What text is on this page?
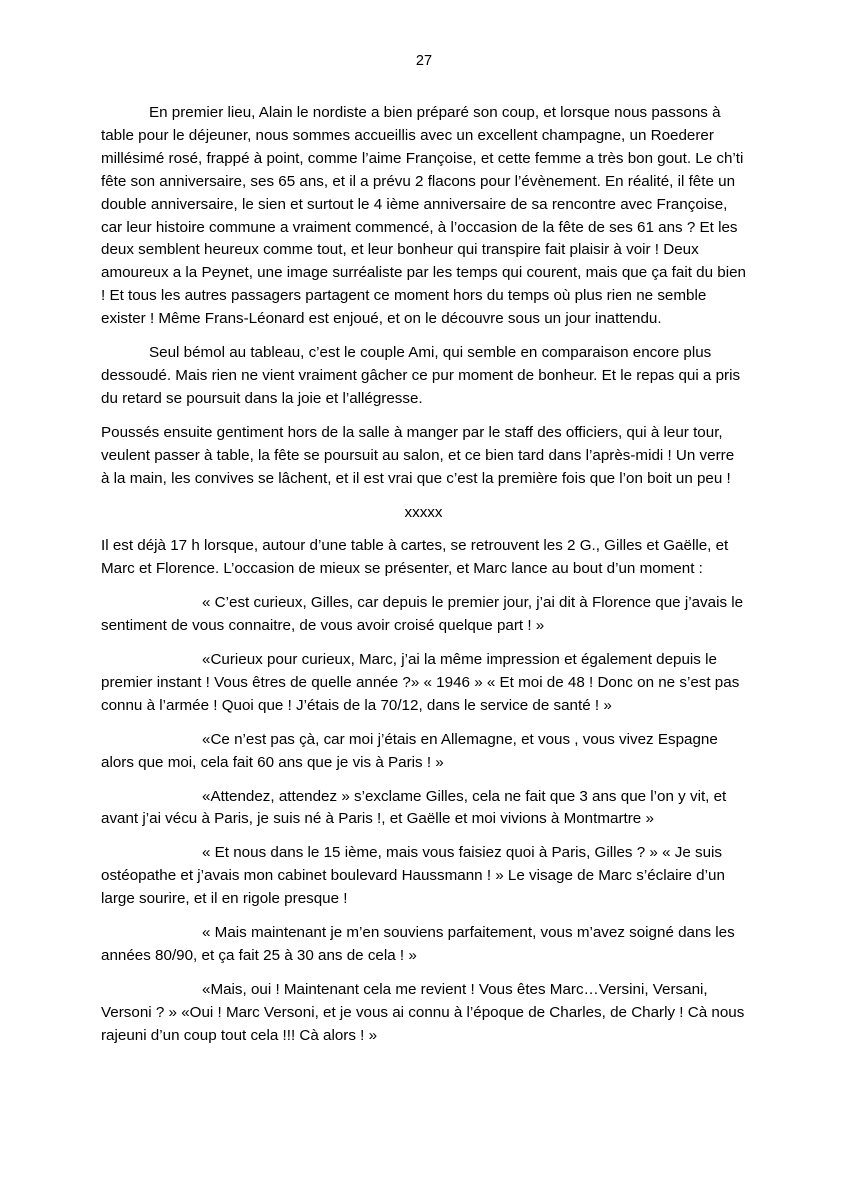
27

En premier lieu, Alain le nordiste a bien préparé son coup, et lorsque nous passons à table pour le déjeuner, nous sommes accueillis avec un excellent champagne, un Roederer millésimé rosé, frappé à point, comme l’aime Françoise, et cette femme a très bon gout. Le ch’ti fête son anniversaire, ses 65 ans, et il a prévu 2 flacons pour l’évènement. En réalité, il fête un double anniversaire, le sien et surtout le 4 ième anniversaire de sa rencontre avec Françoise, car leur histoire commune a vraiment commencé, à l’occasion de la fête de ses 61 ans ? Et les deux semblent heureux comme tout, et leur bonheur qui transpire fait plaisir à voir ! Deux amoureux a la Peynet, une image surréaliste par les temps qui courent, mais que ça fait du bien ! Et tous les autres passagers partagent ce moment hors du temps où plus rien ne semble exister ! Même Frans-Léonard est enjoué, et on le découvre sous un jour inattendu.

Seul bémol au tableau, c’est le couple Ami, qui semble en comparaison encore plus dessoudé. Mais rien ne vient vraiment gâcher ce pur moment de bonheur. Et le repas qui a pris du retard se poursuit dans la joie et l’allégresse.

Poussés ensuite gentiment hors de la salle à manger par le staff des officiers, qui à leur tour, veulent passer à table, la fête se poursuit au salon, et ce bien tard dans l’après-midi ! Un verre à la main, les convives se lâchent, et il est vrai que c’est la première fois que l’on boit un peu !

xxxxx

Il est déjà 17 h lorsque, autour d’une table à cartes, se retrouvent les 2 G., Gilles et Gaëlle, et Marc et Florence. L’occasion de mieux se présenter, et Marc lance au bout d’un moment :

« C’est curieux, Gilles, car depuis le premier jour, j’ai dit à Florence que j’avais le sentiment de vous connaitre, de vous avoir croisé quelque part ! »

«Curieux pour curieux, Marc, j’ai la même impression et également depuis le premier instant ! Vous êtres de quelle année ?» « 1946 » « Et moi de 48 ! Donc on ne s’est pas connu à l’armée ! Quoi que ! J’étais de la 70/12, dans le service de santé ! »

«Ce n’est pas çà, car moi j’étais en Allemagne, et vous , vous vivez Espagne alors que moi, cela fait 60 ans que je vis à Paris ! »

«Attendez, attendez » s’exclame Gilles, cela ne fait que 3 ans que l’on y vit, et avant j’ai vécu à Paris, je suis né à Paris !, et Gaëlle et moi vivions à Montmartre »

« Et nous dans le 15 ième, mais vous faisiez quoi à Paris, Gilles ? » « Je suis ostéopathe et j’avais mon cabinet boulevard Haussmann ! » Le visage de Marc s’éclaire d’un large sourire, et il en rigole presque !

« Mais maintenant je m’en souviens parfaitement, vous m’avez soigné dans les années 80/90, et ça fait 25 à 30 ans de cela ! »

«Mais, oui ! Maintenant cela me revient ! Vous êtes Marc…Versini, Versani, Versoni ? » «Oui ! Marc Versoni, et je vous ai connu à l’époque de Charles, de Charly ! Cà nous rajeuni d’un coup tout cela !!! Cà alors ! »
